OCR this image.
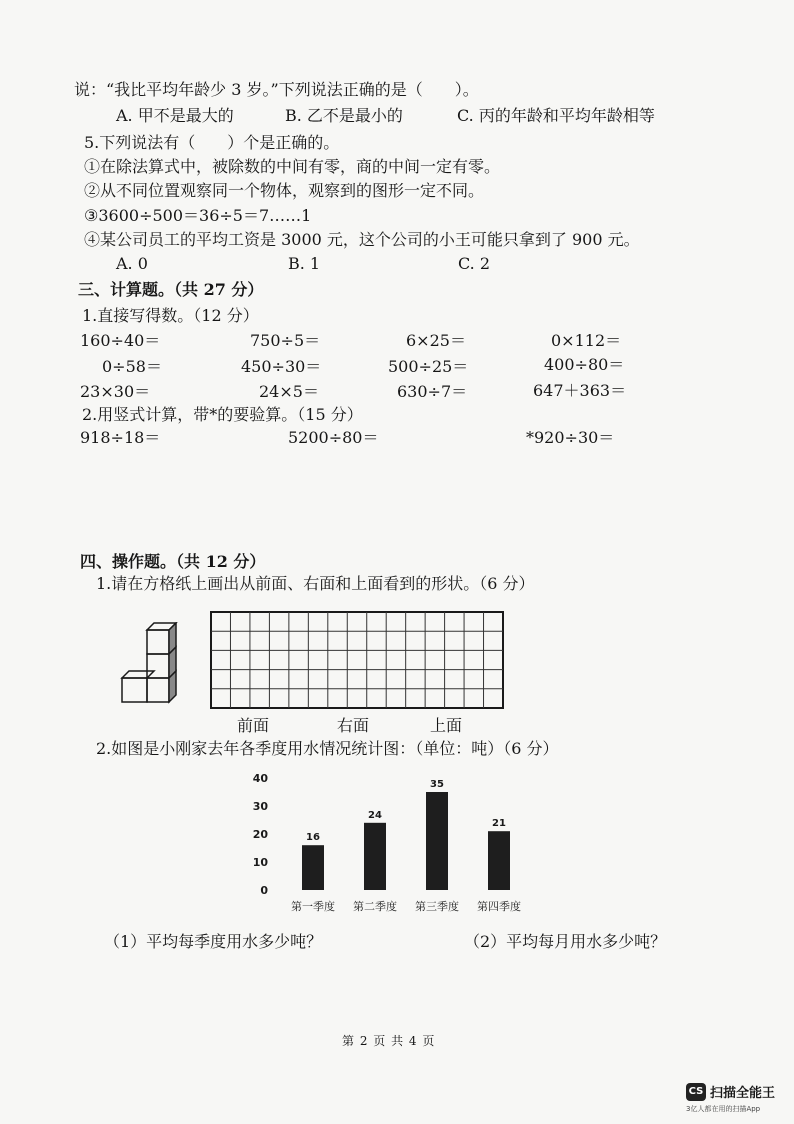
说：“我比平均年龄少 3 岁。”下列说法正确的是（　　）。
A. 甲不是最大的	B. 乙不是最小的	C. 丙的年龄和平均年龄相等
5.下列说法有（　　）个是正确的。
①在除法算式中，被除数的中间有零，商的中间一定有零。
②从不同位置观察同一个物体，观察到的图形一定不同。
③3600÷500＝36÷5＝7……1
④某公司员工的平均工资是 3000 元，这个公司的小王可能只拿到了 900 元。
A. 0	B. 1	C. 2
三、计算题。（共 27 分）
1.直接写得数。（12 分）
160÷40＝	750÷5＝	6×25＝	0×112＝
0÷58＝	450÷30＝	500÷25＝	400÷80＝
23×30＝	24×5＝	630÷7＝	647＋363＝
2.用竖式计算，带*的要验算。（15 分）
918÷18＝	5200÷80＝	*920÷30＝
四、操作题。（共 12 分）
1.请在方格纸上画出从前面、右面和上面看到的形状。（6 分）
前面	右面	上面
2.如图是小刚家去年各季度用水情况统计图：（单位：吨）（6 分）
0
10
20
30
40
16
第一季度
24
第二季度
35
第三季度
21
第四季度
（1）平均每季度用水多少吨？	（2）平均每月用水多少吨？
第 2 页 共 4 页
CS 扫描全能王
3亿人都在用的扫描App
